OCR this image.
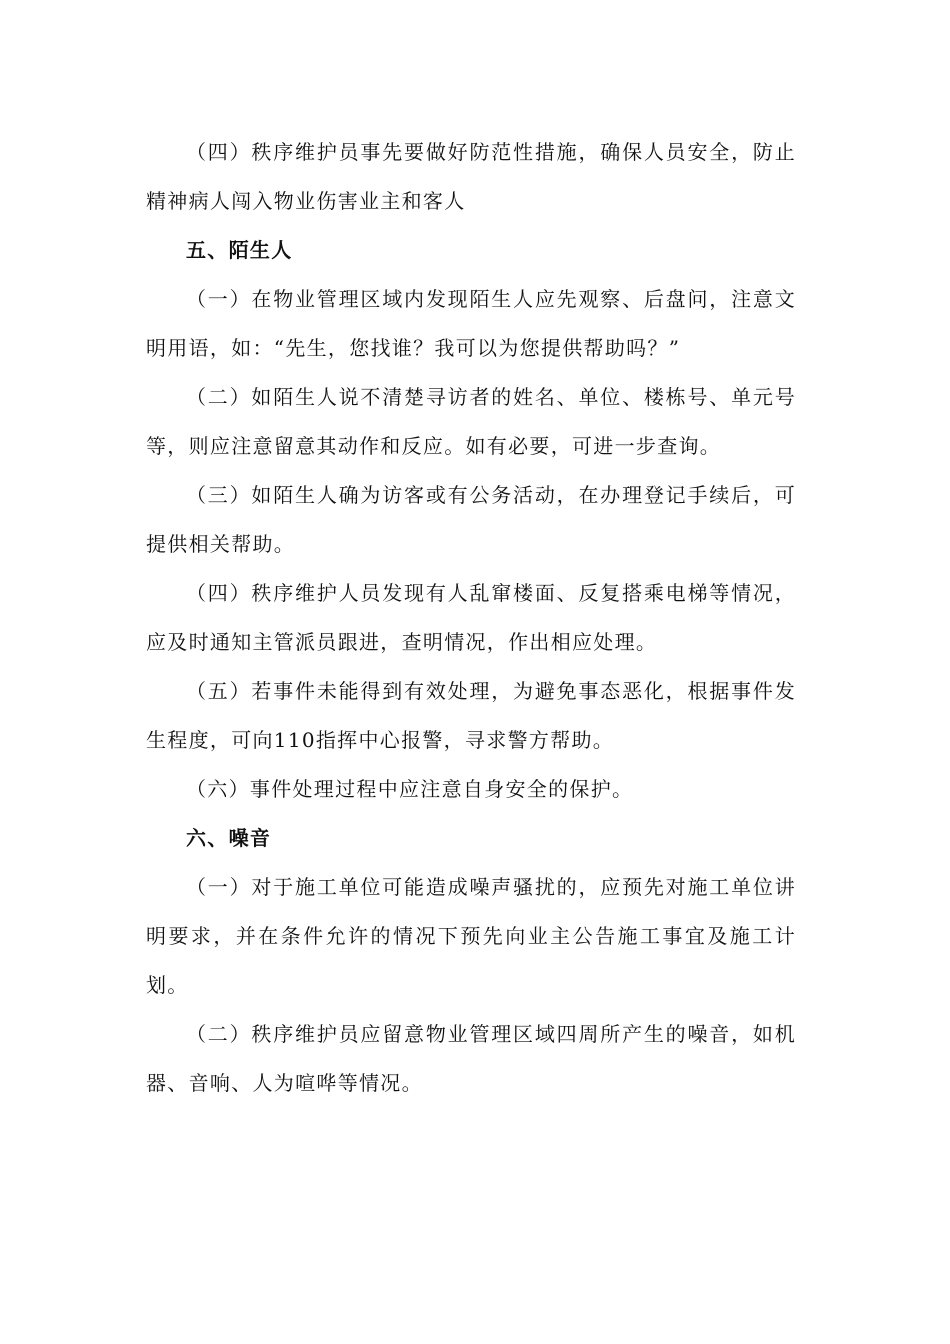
（四）秩序维护员事先要做好防范性措施，确保人员安全，防止精神病人闯入物业伤害业主和客人

五、陌生人

（一）在物业管理区域内发现陌生人应先观察、后盘问，注意文明用语，如：“先生，您找谁？我可以为您提供帮助吗？”

（二）如陌生人说不清楚寻访者的姓名、单位、楼栋号、单元号等，则应注意留意其动作和反应。如有必要，可进一步查询。

（三）如陌生人确为访客或有公务活动，在办理登记手续后，可提供相关帮助。

（四）秩序维护人员发现有人乱窜楼面、反复搭乘电梯等情况，应及时通知主管派员跟进，查明情况，作出相应处理。

（五）若事件未能得到有效处理，为避免事态恶化，根据事件发生程度，可向110指挥中心报警，寻求警方帮助。

（六）事件处理过程中应注意自身安全的保护。

六、噪音

（一）对于施工单位可能造成噪声骚扰的，应预先对施工单位讲明要求，并在条件允许的情况下预先向业主公告施工事宜及施工计划。

（二）秩序维护员应留意物业管理区域四周所产生的噪音，如机器、音响、人为喧哗等情况。
